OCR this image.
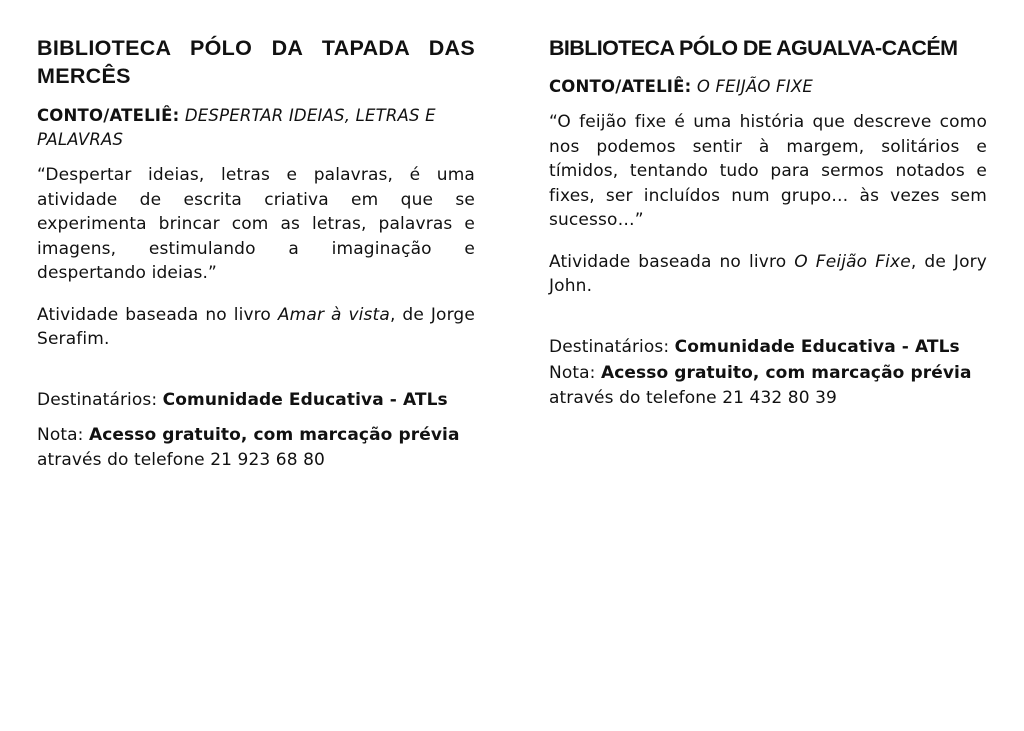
BIBLIOTECA PÓLO DA TAPADA DAS MERCÊS
CONTO/ATELIÊ: DESPERTAR IDEIAS, LETRAS E PALAVRAS

“Despertar ideias, letras e palavras, é uma atividade de escrita criativa em que se experimenta brincar com as letras, palavras e imagens, estimulando a imaginação e despertando ideias.”

Atividade baseada no livro Amar à vista, de Jorge Serafim.

Destinatários: Comunidade Educativa - ATLs
Nota: Acesso gratuito, com marcação prévia
através do telefone 21 923 68 80
BIBLIOTECA PÓLO DE AGUALVA-CACÉM
CONTO/ATELIÊ: O FEIJÃO FIXE

“O feijão fixe é uma história que descreve como nos podemos sentir à margem, solitários e tímidos, tentando tudo para sermos notados e fixes, ser incluídos num grupo… às vezes sem sucesso…”

Atividade baseada no livro O Feijão Fixe, de Jory John.

Destinatários: Comunidade Educativa - ATLs
Nota: Acesso gratuito, com marcação prévia
através do telefone 21 432 80 39
